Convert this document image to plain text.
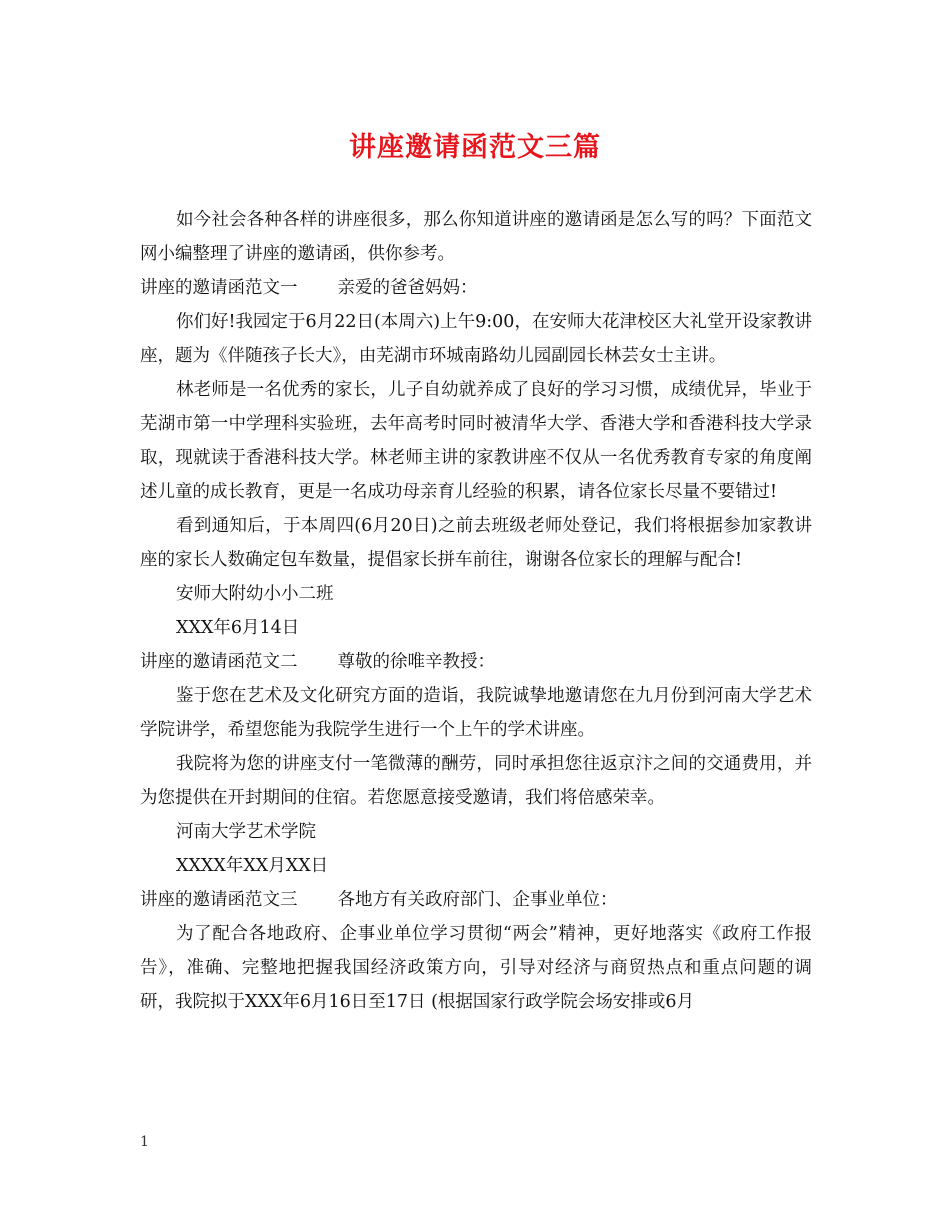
讲座邀请函范文三篇

如今社会各种各样的讲座很多，那么你知道讲座的邀请函是怎么写的吗？下面范文网小编整理了讲座的邀请函，供你参考。

讲座的邀请函范文一 亲爱的爸爸妈妈：

你们好!我园定于6月22日(本周六)上午9:00，在安师大花津校区大礼堂开设家教讲座，题为《伴随孩子长大》，由芜湖市环城南路幼儿园副园长林芸女士主讲。

林老师是一名优秀的家长，儿子自幼就养成了良好的学习习惯，成绩优异，毕业于芜湖市第一中学理科实验班，去年高考时同时被清华大学、香港大学和香港科技大学录取，现就读于香港科技大学。林老师主讲的家教讲座不仅从一名优秀教育专家的角度阐述儿童的成长教育，更是一名成功母亲育儿经验的积累，请各位家长尽量不要错过!

看到通知后，于本周四(6月20日)之前去班级老师处登记，我们将根据参加家教讲座的家长人数确定包车数量，提倡家长拼车前往，谢谢各位家长的理解与配合!

安师大附幼小小二班

XXX年6月14日

讲座的邀请函范文二 尊敬的徐唯辛教授：

鉴于您在艺术及文化研究方面的造诣，我院诚挚地邀请您在九月份到河南大学艺术学院讲学，希望您能为我院学生进行一个上午的学术讲座。

我院将为您的讲座支付一笔微薄的酬劳，同时承担您往返京汴之间的交通费用，并为您提供在开封期间的住宿。若您愿意接受邀请，我们将倍感荣幸。

河南大学艺术学院

XXXX年XX月XX日

讲座的邀请函范文三 各地方有关政府部门、企事业单位：

为了配合各地政府、企事业单位学习贯彻“两会”精神，更好地落实《政府工作报告》，准确、完整地把握我国经济政策方向，引导对经济与商贸热点和重点问题的调研，我院拟于XXX年6月16日至17日 (根据国家行政学院会场安排或6月

1
